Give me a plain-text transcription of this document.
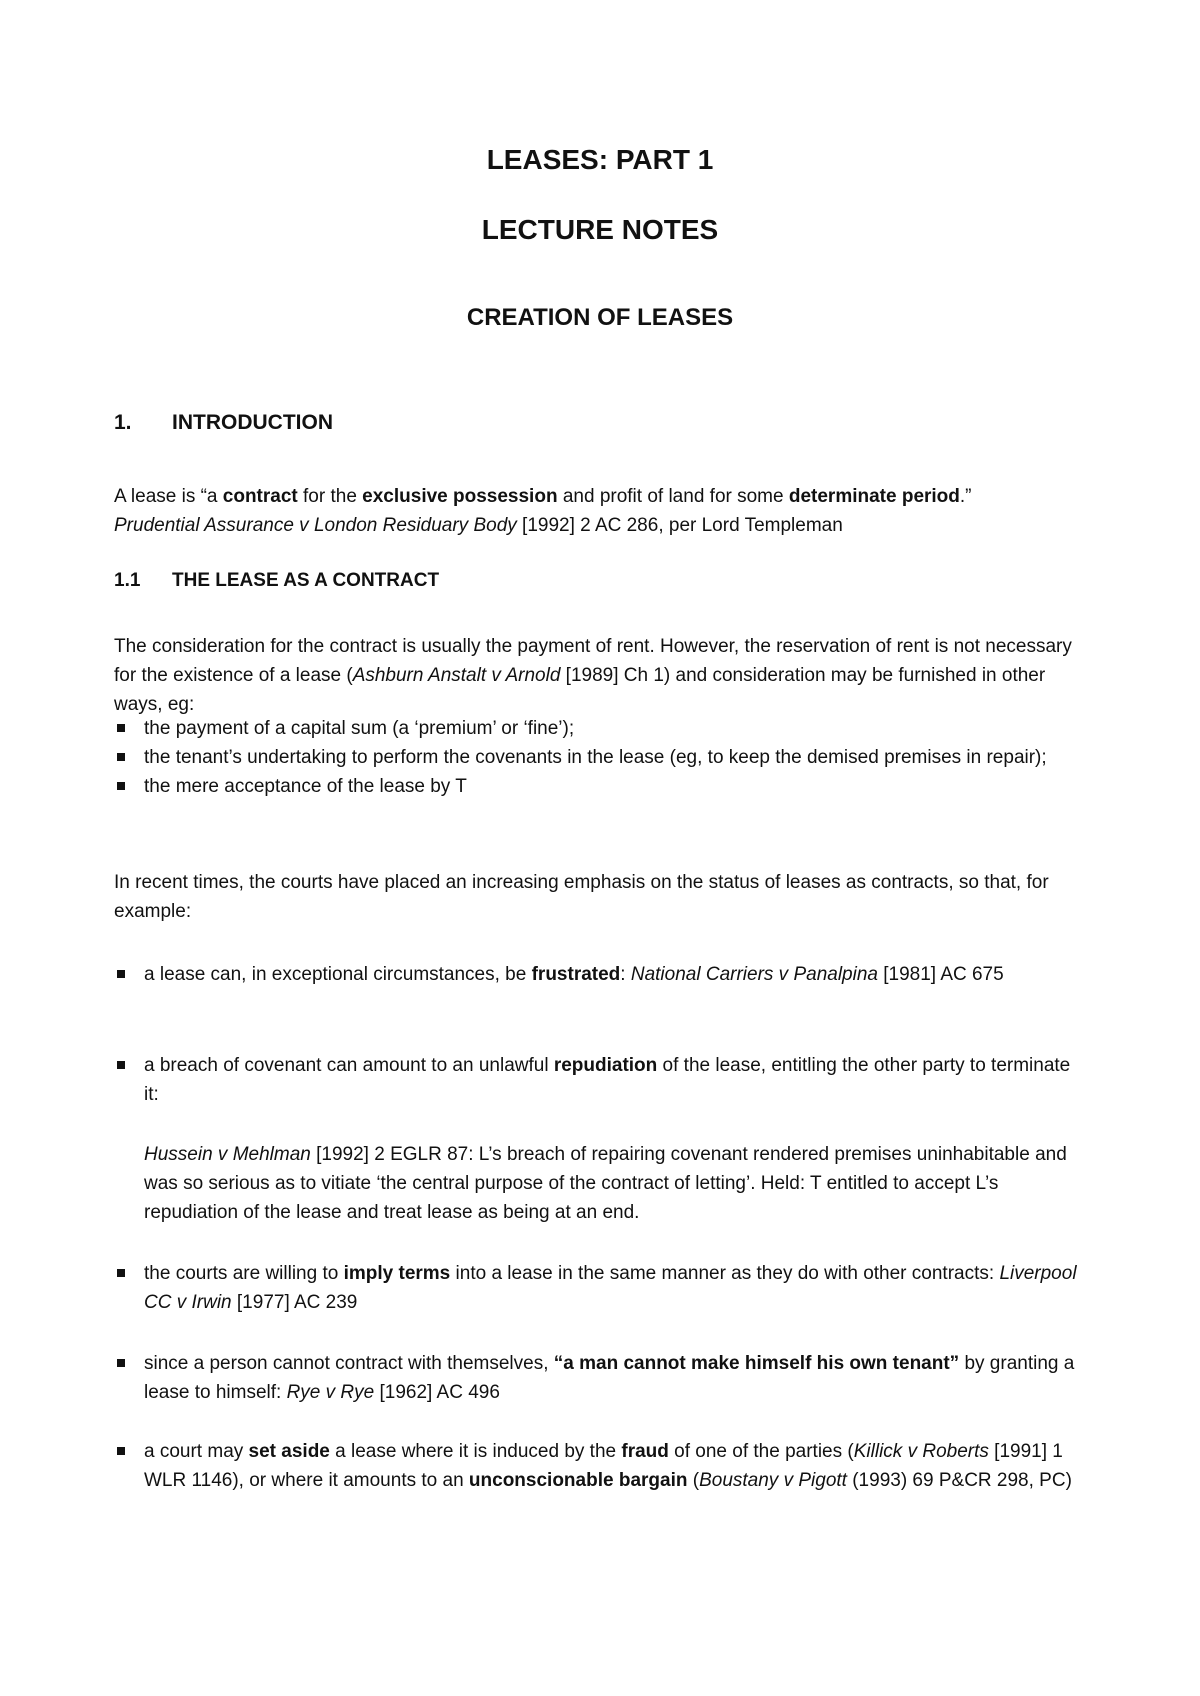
LEASES: PART 1
LECTURE NOTES
CREATION OF LEASES
1. INTRODUCTION

A lease is “a contract for the exclusive possession and profit of land for some determinate period.”
Prudential Assurance v London Residuary Body [1992] 2 AC 286, per Lord Templeman

1.1 THE LEASE AS A CONTRACT

The consideration for the contract is usually the payment of rent. However, the reservation of rent is not necessary for the existence of a lease (Ashburn Anstalt v Arnold [1989] Ch 1) and consideration may be furnished in other ways, eg:

the payment of a capital sum (a ‘premium’ or ‘fine’);
the tenant’s undertaking to perform the covenants in the lease (eg, to keep the demised premises in repair);
the mere acceptance of the lease by T

In recent times, the courts have placed an increasing emphasis on the status of leases as contracts, so that, for example:

a lease can, in exceptional circumstances, be frustrated: National Carriers v Panalpina [1981] AC 675
a breach of covenant can amount to an unlawful repudiation of the lease, entitling the other party to terminate it:

Hussein v Mehlman [1992] 2 EGLR 87: L’s breach of repairing covenant rendered premises uninhabitable and was so serious as to vitiate ‘the central purpose of the contract of letting’. Held: T entitled to accept L’s repudiation of the lease and treat lease as being at an end.

the courts are willing to imply terms into a lease in the same manner as they do with other contracts: Liverpool CC v Irwin [1977] AC 239
since a person cannot contract with themselves, “a man cannot make himself his own tenant” by granting a lease to himself: Rye v Rye [1962] AC 496
a court may set aside a lease where it is induced by the fraud of one of the parties (Killick v Roberts [1991] 1 WLR 1146), or where it amounts to an unconscionable bargain (Boustany v Pigott (1993) 69 P&CR 298, PC)
